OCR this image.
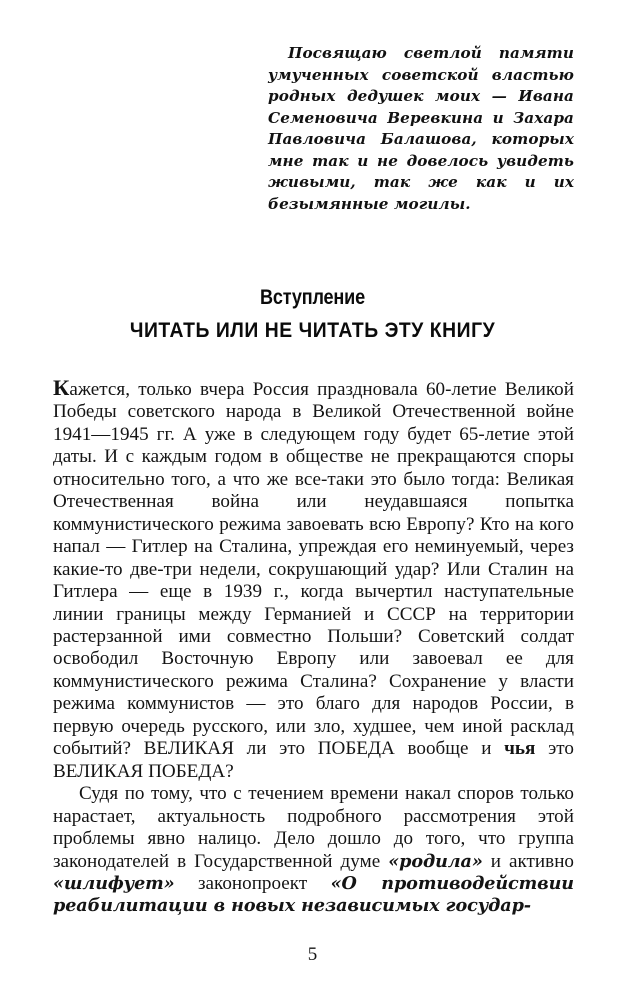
Посвящаю светлой памяти умученных советской властью родных дедушек моих — Ивана Семеновича Веревкина и Захара Павловича Балашова, которых мне так и не довелось увидеть живыми, так же как и их безымянные могилы.
Вступление
ЧИТАТЬ ИЛИ НЕ ЧИТАТЬ ЭТУ КНИГУ

Кажется, только вчера Россия праздновала 60-летие Великой Победы советского народа в Великой Отечественной войне 1941—1945 гг. А уже в следующем году будет 65-летие этой даты. И с каждым годом в обществе не прекращаются споры относительно того, а что же все-таки это было тогда: Великая Отечественная война или неудавшаяся попытка коммунистического режима завоевать всю Европу? Кто на кого напал — Гитлер на Сталина, упреждая его неминуемый, через какие-то две-три недели, сокрушающий удар? Или Сталин на Гитлера — еще в 1939 г., когда вычертил наступательные линии границы между Германией и СССР на территории растерзанной ими совместно Польши? Советский солдат освободил Восточную Европу или завоевал ее для коммунистического режима Сталина? Сохранение у власти режима коммунистов — это благо для народов России, в первую очередь русского, или зло, худшее, чем иной расклад событий? ВЕЛИКАЯ ли это ПОБЕДА вообще и чья это ВЕЛИКАЯ ПОБЕДА?

Судя по тому, что с течением времени накал споров только нарастает, актуальность подробного рассмотрения этой проблемы явно налицо. Дело дошло до того, что группа законодателей в Государственной думе «родила» и активно «шлифует» законопроект «О противодействии реабилитации в новых независимых государ-

5
